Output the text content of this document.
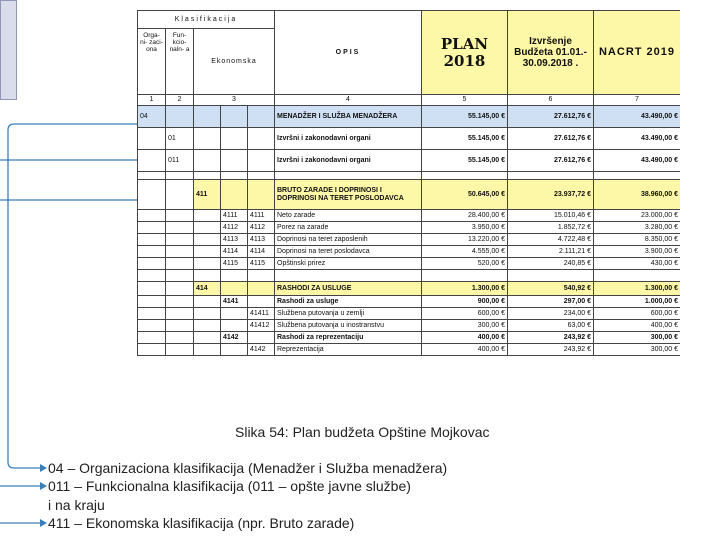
Klasifikacija					OPIS	PLAN 2018	Izvršenje Budžeta 01.01.- 30.09.2018 .	NACRT 2019
Orga- ni- zaci- ona	Fun- kcio- naln- a	Ekonomska						
1	2	3			4	5	6	7
04					MENADŽER I SLUŽBA MENADŽERA	55.145,00 €	27.612,76 €	43.490,00 €
	01				Izvršni i zakonodavni organi	55.145,00 €	27.612,76 €	43.490,00 €
	011				Izvršni i zakonodavni organi	55.145,00 €	27.612,76 €	43.490,00 €

		411			BRUTO ZARADE I DOPRINOSI I DOPRINOSI NA TERET POSLODAVCA	50.645,00 €	23.937,72 €	38.960,00 €
			4111	4111	Neto zarade	28.400,00 €	15.010,46 €	23.000,00 €
			4112	4112	Porez na zarade	3.950,00 €	1.852,72 €	3.280,00 €
			4113	4113	Doprinosi na teret zaposlenih	13.220,00 €	4.722,48 €	8.350,00 €
			4114	4114	Doprinosi na teret poslodavca	4.555,00 €	2.111,21 €	3.900,00 €
			4115	4115	Opštinski prirez	520,00 €	240,85 €	430,00 €

		414			RASHODI ZA USLUGE	1.300,00 €	540,92 €	1.300,00 €
			4141		Rashodi za usluge	900,00 €	297,00 €	1.000,00 €
				41411	Službena putovanja u zemlji	600,00 €	234,00 €	600,00 €
				41412	Službena putovanja u inostranstvu	300,00 €	63,00 €	400,00 €
			4142		Rashodi za reprezentaciju	400,00 €	243,92 €	300,00 €
				4142	Reprezentacija	400,00 €	243,92 €	300,00 €
Slika 54: Plan budžeta Opštine Mojkovac
04 – Organizaciona klasifikacija (Menadžer i Služba menadžera)
011 – Funkcionalna klasifikacija (011 – opšte javne službe)
i na kraju
411 – Ekonomska klasifikacija (npr. Bruto zarade)
